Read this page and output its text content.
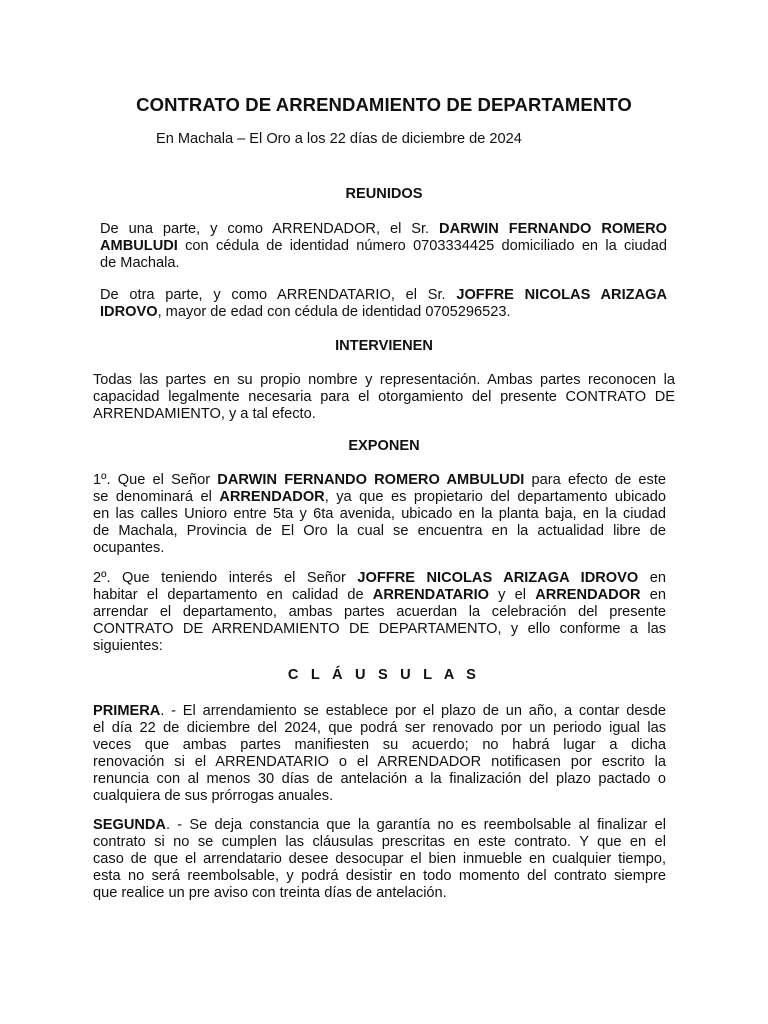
CONTRATO DE ARRENDAMIENTO DE DEPARTAMENTO
En Machala – El Oro a los 22 días de diciembre de 2024
REUNIDOS
De una parte, y como ARRENDADOR, el Sr. DARWIN FERNANDO ROMERO
AMBULUDI con cédula de identidad número 0703334425 domiciliado en la ciudad
de Machala.
De otra parte, y como ARRENDATARIO, el Sr. JOFFRE NICOLAS ARIZAGA
IDROVO, mayor de edad con cédula de identidad 0705296523.
INTERVIENEN
Todas las partes en su propio nombre y representación. Ambas partes reconocen la
capacidad legalmente necesaria para el otorgamiento del presente CONTRATO DE
ARRENDAMIENTO, y a tal efecto.
EXPONEN
1º. Que el Señor DARWIN FERNANDO ROMERO AMBULUDI para efecto de este
se denominará el ARRENDADOR, ya que es propietario del departamento ubicado
en las calles Unioro entre 5ta y 6ta avenida, ubicado en la planta baja, en la ciudad
de Machala, Provincia de El Oro la cual se encuentra en la actualidad libre de
ocupantes.
2º. Que teniendo interés el Señor JOFFRE NICOLAS ARIZAGA IDROVO en
habitar el departamento en calidad de ARRENDATARIO y el ARRENDADOR en
arrendar el departamento, ambas partes acuerdan la celebración del presente
CONTRATO DE ARRENDAMIENTO DE DEPARTAMENTO, y ello conforme a las
siguientes:
C L Á U S U L A S
PRIMERA. - El arrendamiento se establece por el plazo de un año, a contar desde
el día 22 de diciembre del 2024, que podrá ser renovado por un periodo igual las
veces que ambas partes manifiesten su acuerdo; no habrá lugar a dicha
renovación si el ARRENDATARIO o el ARRENDADOR notificasen por escrito la
renuncia con al menos 30 días de antelación a la finalización del plazo pactado o
cualquiera de sus prórrogas anuales.
SEGUNDA. - Se deja constancia que la garantía no es reembolsable al finalizar el
contrato si no se cumplen las cláusulas prescritas en este contrato. Y que en el
caso de que el arrendatario desee desocupar el bien inmueble en cualquier tiempo,
esta no será reembolsable, y podrá desistir en todo momento del contrato siempre
que realice un pre aviso con treinta días de antelación.
